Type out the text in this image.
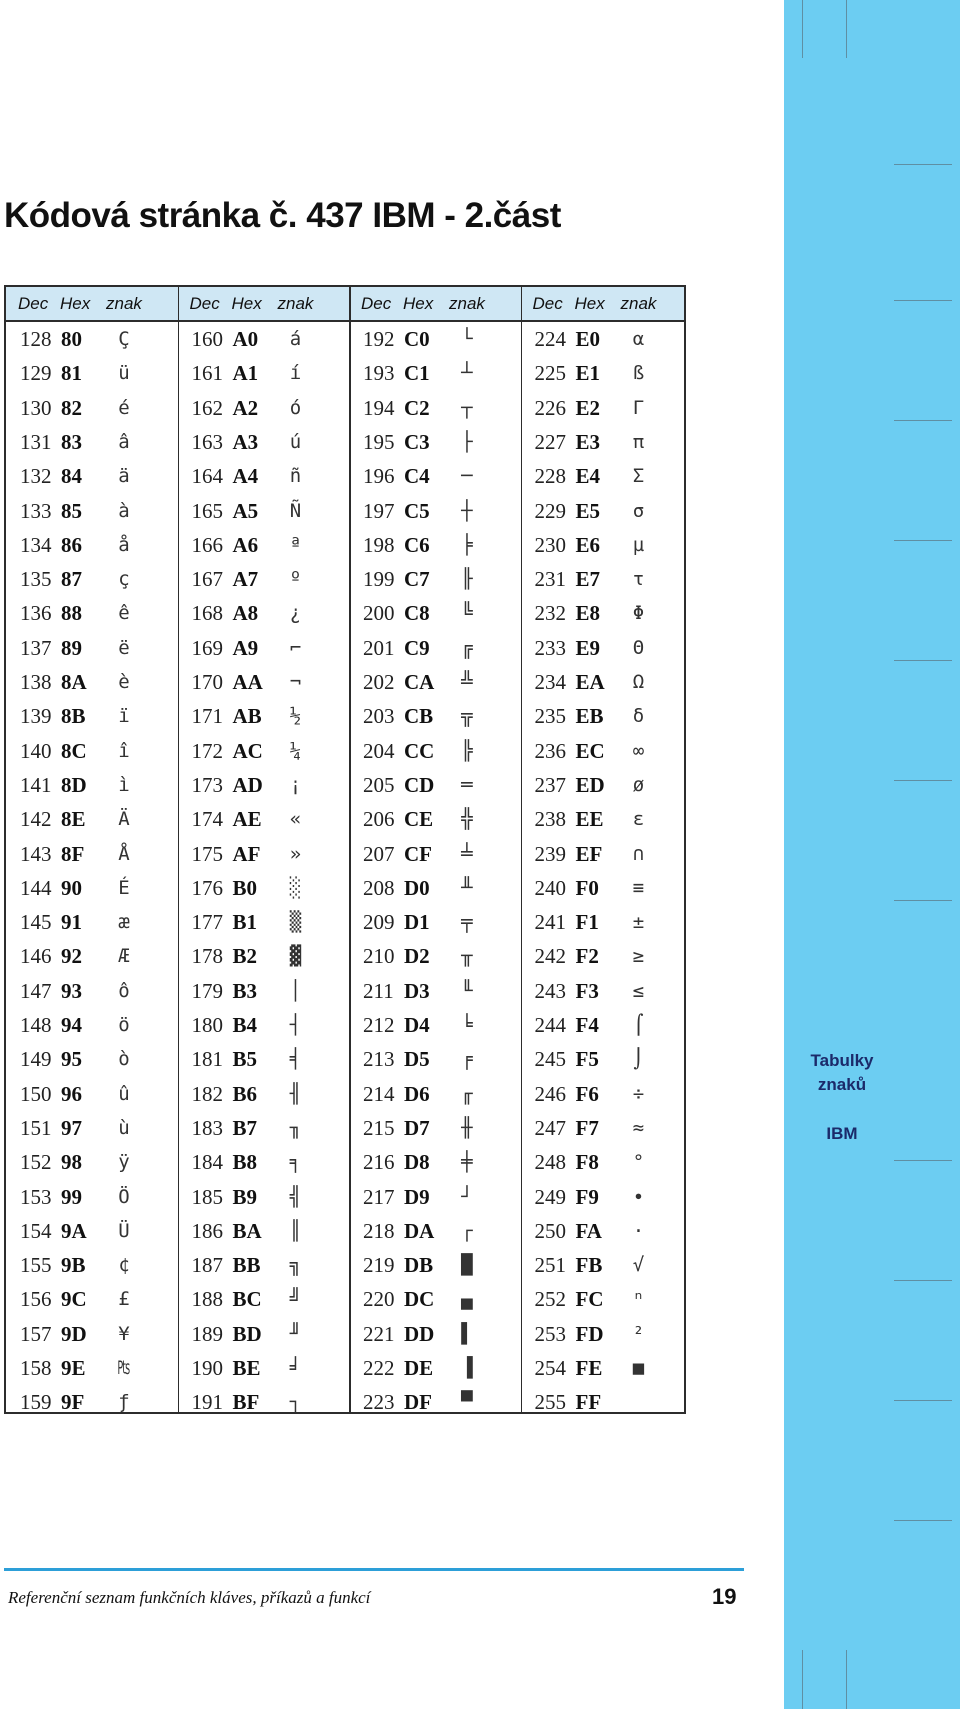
Tabulky
znaků
IBM
Kódová stránka č. 437 IBM - 2.část
Dec Hex znak	Dec Hex znak	Dec Hex znak	Dec Hex znak
128 80	Ç
129 81	ü
130 82	é
131 83	â
132 84	ä
133 85	à
134 86	å
135 87	ç
136 88	ê
137 89	ë
138 8A	è
139 8B	ï
140 8C	î
141 8D	ì
142 8E	Ä
143 8F	Å
144 90	É
145 91	æ
146 92	Æ
147 93	ô
148 94	ö
149 95	ò
150 96	û
151 97	ù
152 98	ÿ
153 99	Ö
154 9A	Ü
155 9B	¢
156 9C	£
157 9D	¥
158 9E	₧
159 9F	ƒ
160 A0	á
161 A1	í
162 A2	ó
163 A3	ú
164 A4	ñ
165 A5	Ñ
166 A6	ª
167 A7	º
168 A8	¿
169 A9	⌐
170 AA	¬
171 AB	½
172 AC	¼
173 AD	¡
174 AE	«
175 AF	»
176 B0	░
177 B1	▒
178 B2	▓
179 B3	│
180 B4	┤
181 B5	╡
182 B6	╢
183 B7	╖
184 B8	╕
185 B9	╣
186 BA	║
187 BB	╗
188 BC	╝
189 BD	╜
190 BE	╛
191 BF	┐
192 C0	└
193 C1	┴
194 C2	┬
195 C3	├
196 C4	─
197 C5	┼
198 C6	╞
199 C7	╟
200 C8	╚
201 C9	╔
202 CA	╩
203 CB	╦
204 CC	╠
205 CD	═
206 CE	╬
207 CF	╧
208 D0	╨
209 D1	╤
210 D2	╥
211 D3	╙
212 D4	╘
213 D5	╒
214 D6	╓
215 D7	╫
216 D8	╪
217 D9	┘
218 DA	┌
219 DB	█
220 DC	▄
221 DD	▌
222 DE	▐
223 DF	▀
224 E0	α
225 E1	ß
226 E2	Γ
227 E3	π
228 E4	Σ
229 E5	σ
230 E6	µ
231 E7	τ
232 E8	Φ
233 E9	Θ
234 EA	Ω
235 EB	δ
236 EC	∞
237 ED	ø
238 EE	ε
239 EF	∩
240 F0	≡
241 F1	±
242 F2	≥
243 F3	≤
244 F4	⌠
245 F5	⌡
246 F6	÷
247 F7	≈
248 F8	°
249 F9	∙
250 FA	·
251 FB	√
252 FC	ⁿ
253 FD	²
254 FE	■
255 FF
Referenční seznam funkčních kláves, příkazů a funkcí	19
